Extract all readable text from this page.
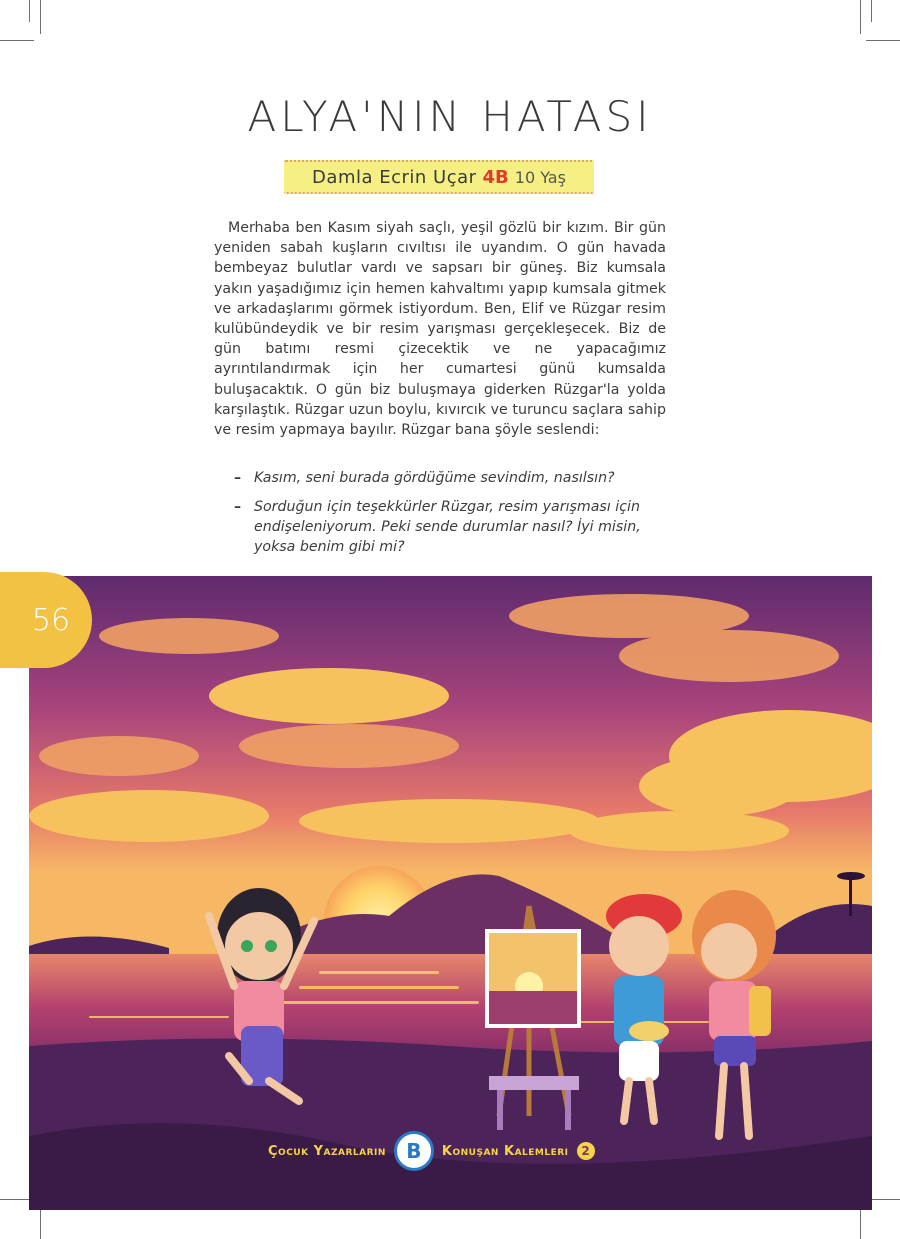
ALYA'NIN HATASI
Damla Ecrin Uçar 4B 10 Yaş

Merhaba ben Kasım siyah saçlı, yeşil gözlü bir kızım. Bir gün yeniden sabah kuşların cıvıltısı ile uyandım. O gün havada bembeyaz bulutlar vardı ve sapsarı bir güneş. Biz kumsala yakın yaşadığımız için hemen kahvaltımı yapıp kumsala gitmek ve arkadaşlarımı görmek istiyordum. Ben, Elif ve Rüzgar resim kulübündeydik ve bir resim yarışması gerçekleşecek. Biz de gün batımı resmi çizecektik ve ne yapacağımız ayrıntılandırmak için her cumartesi günü kumsalda buluşacaktık. O gün biz buluşmaya giderken Rüzgar'la yolda karşılaştık. Rüzgar uzun boylu, kıvırcık ve turuncu saçlara sahip ve resim yapmaya bayılır. Rüzgar bana şöyle seslendi:

– Kasım, seni burada gördüğüme sevindim, nasılsın?
– Sorduğun için teşekkürler Rüzgar, resim yarışması için endişeleniyorum. Peki sende durumlar nasıl? İyi misin, yoksa benim gibi mi?
56
Çocuk Yazarların	B	Konuşan Kalemleri	2
